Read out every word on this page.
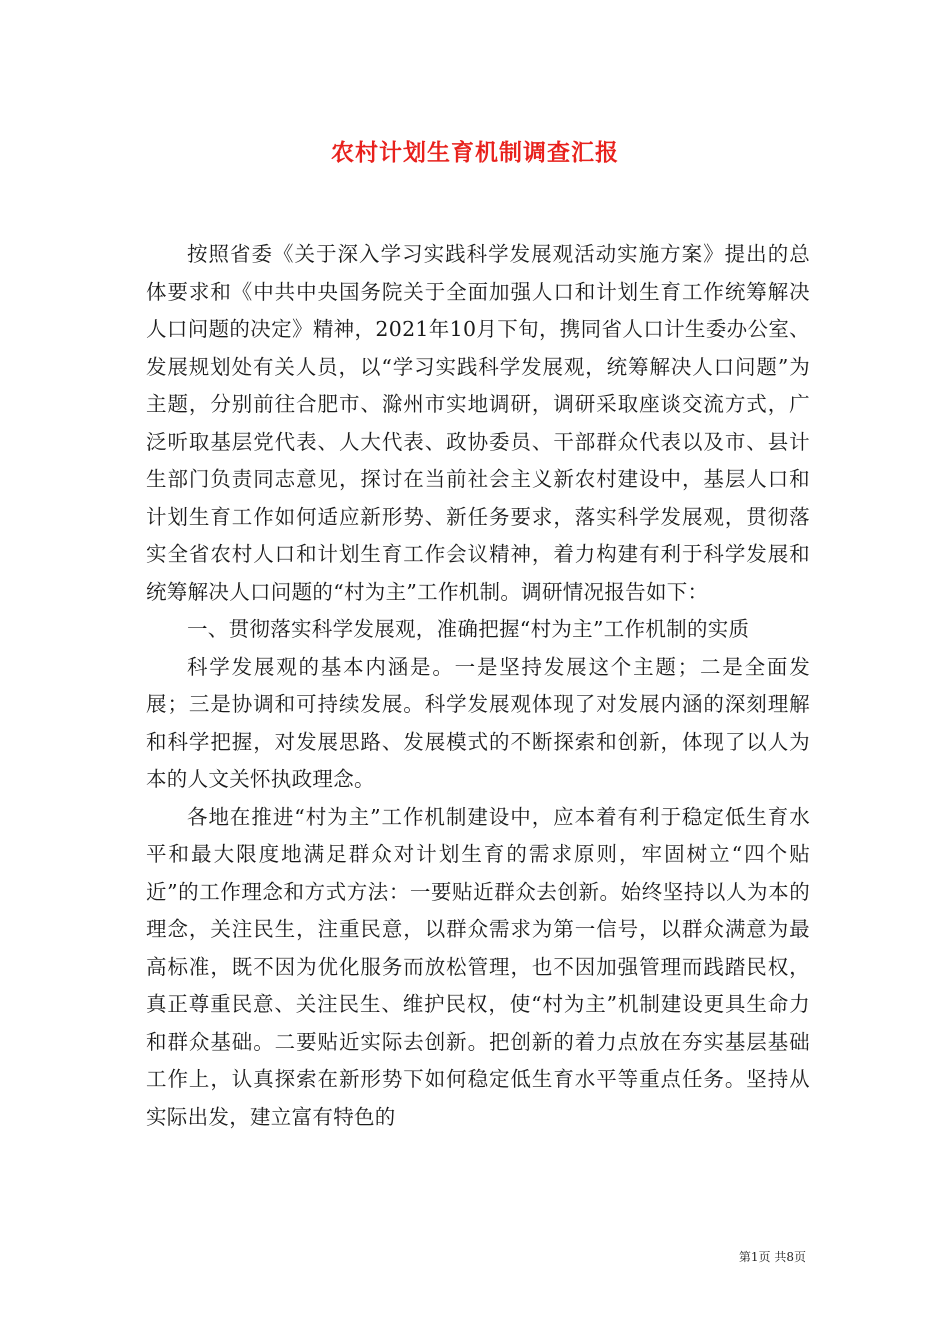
农村计划生育机制调查汇报

按照省委《关于深入学习实践科学发展观活动实施方案》提出的总体要求和《中共中央国务院关于全面加强人口和计划生育工作统筹解决人口问题的决定》精神，2021年10月下旬，携同省人口计生委办公室、发展规划处有关人员，以“学习实践科学发展观，统筹解决人口问题”为主题，分别前往合肥市、滁州市实地调研，调研采取座谈交流方式，广泛听取基层党代表、人大代表、政协委员、干部群众代表以及市、县计生部门负责同志意见，探讨在当前社会主义新农村建设中，基层人口和计划生育工作如何适应新形势、新任务要求，落实科学发展观，贯彻落实全省农村人口和计划生育工作会议精神，着力构建有利于科学发展和统筹解决人口问题的“村为主”工作机制。调研情况报告如下：

一、贯彻落实科学发展观，准确把握“村为主”工作机制的实质

科学发展观的基本内涵是。一是坚持发展这个主题；二是全面发展；三是协调和可持续发展。科学发展观体现了对发展内涵的深刻理解和科学把握，对发展思路、发展模式的不断探索和创新，体现了以人为本的人文关怀执政理念。

各地在推进“村为主”工作机制建设中，应本着有利于稳定低生育水平和最大限度地满足群众对计划生育的需求原则，牢固树立“四个贴近”的工作理念和方式方法：一要贴近群众去创新。始终坚持以人为本的理念，关注民生，注重民意，以群众需求为第一信号，以群众满意为最高标准，既不因为优化服务而放松管理，也不因加强管理而践踏民权，真正尊重民意、关注民生、维护民权，使“村为主”机制建设更具生命力和群众基础。二要贴近实际去创新。把创新的着力点放在夯实基层基础工作上，认真探索在新形势下如何稳定低生育水平等重点任务。坚持从实际出发，建立富有特色的

第1页 共8页
